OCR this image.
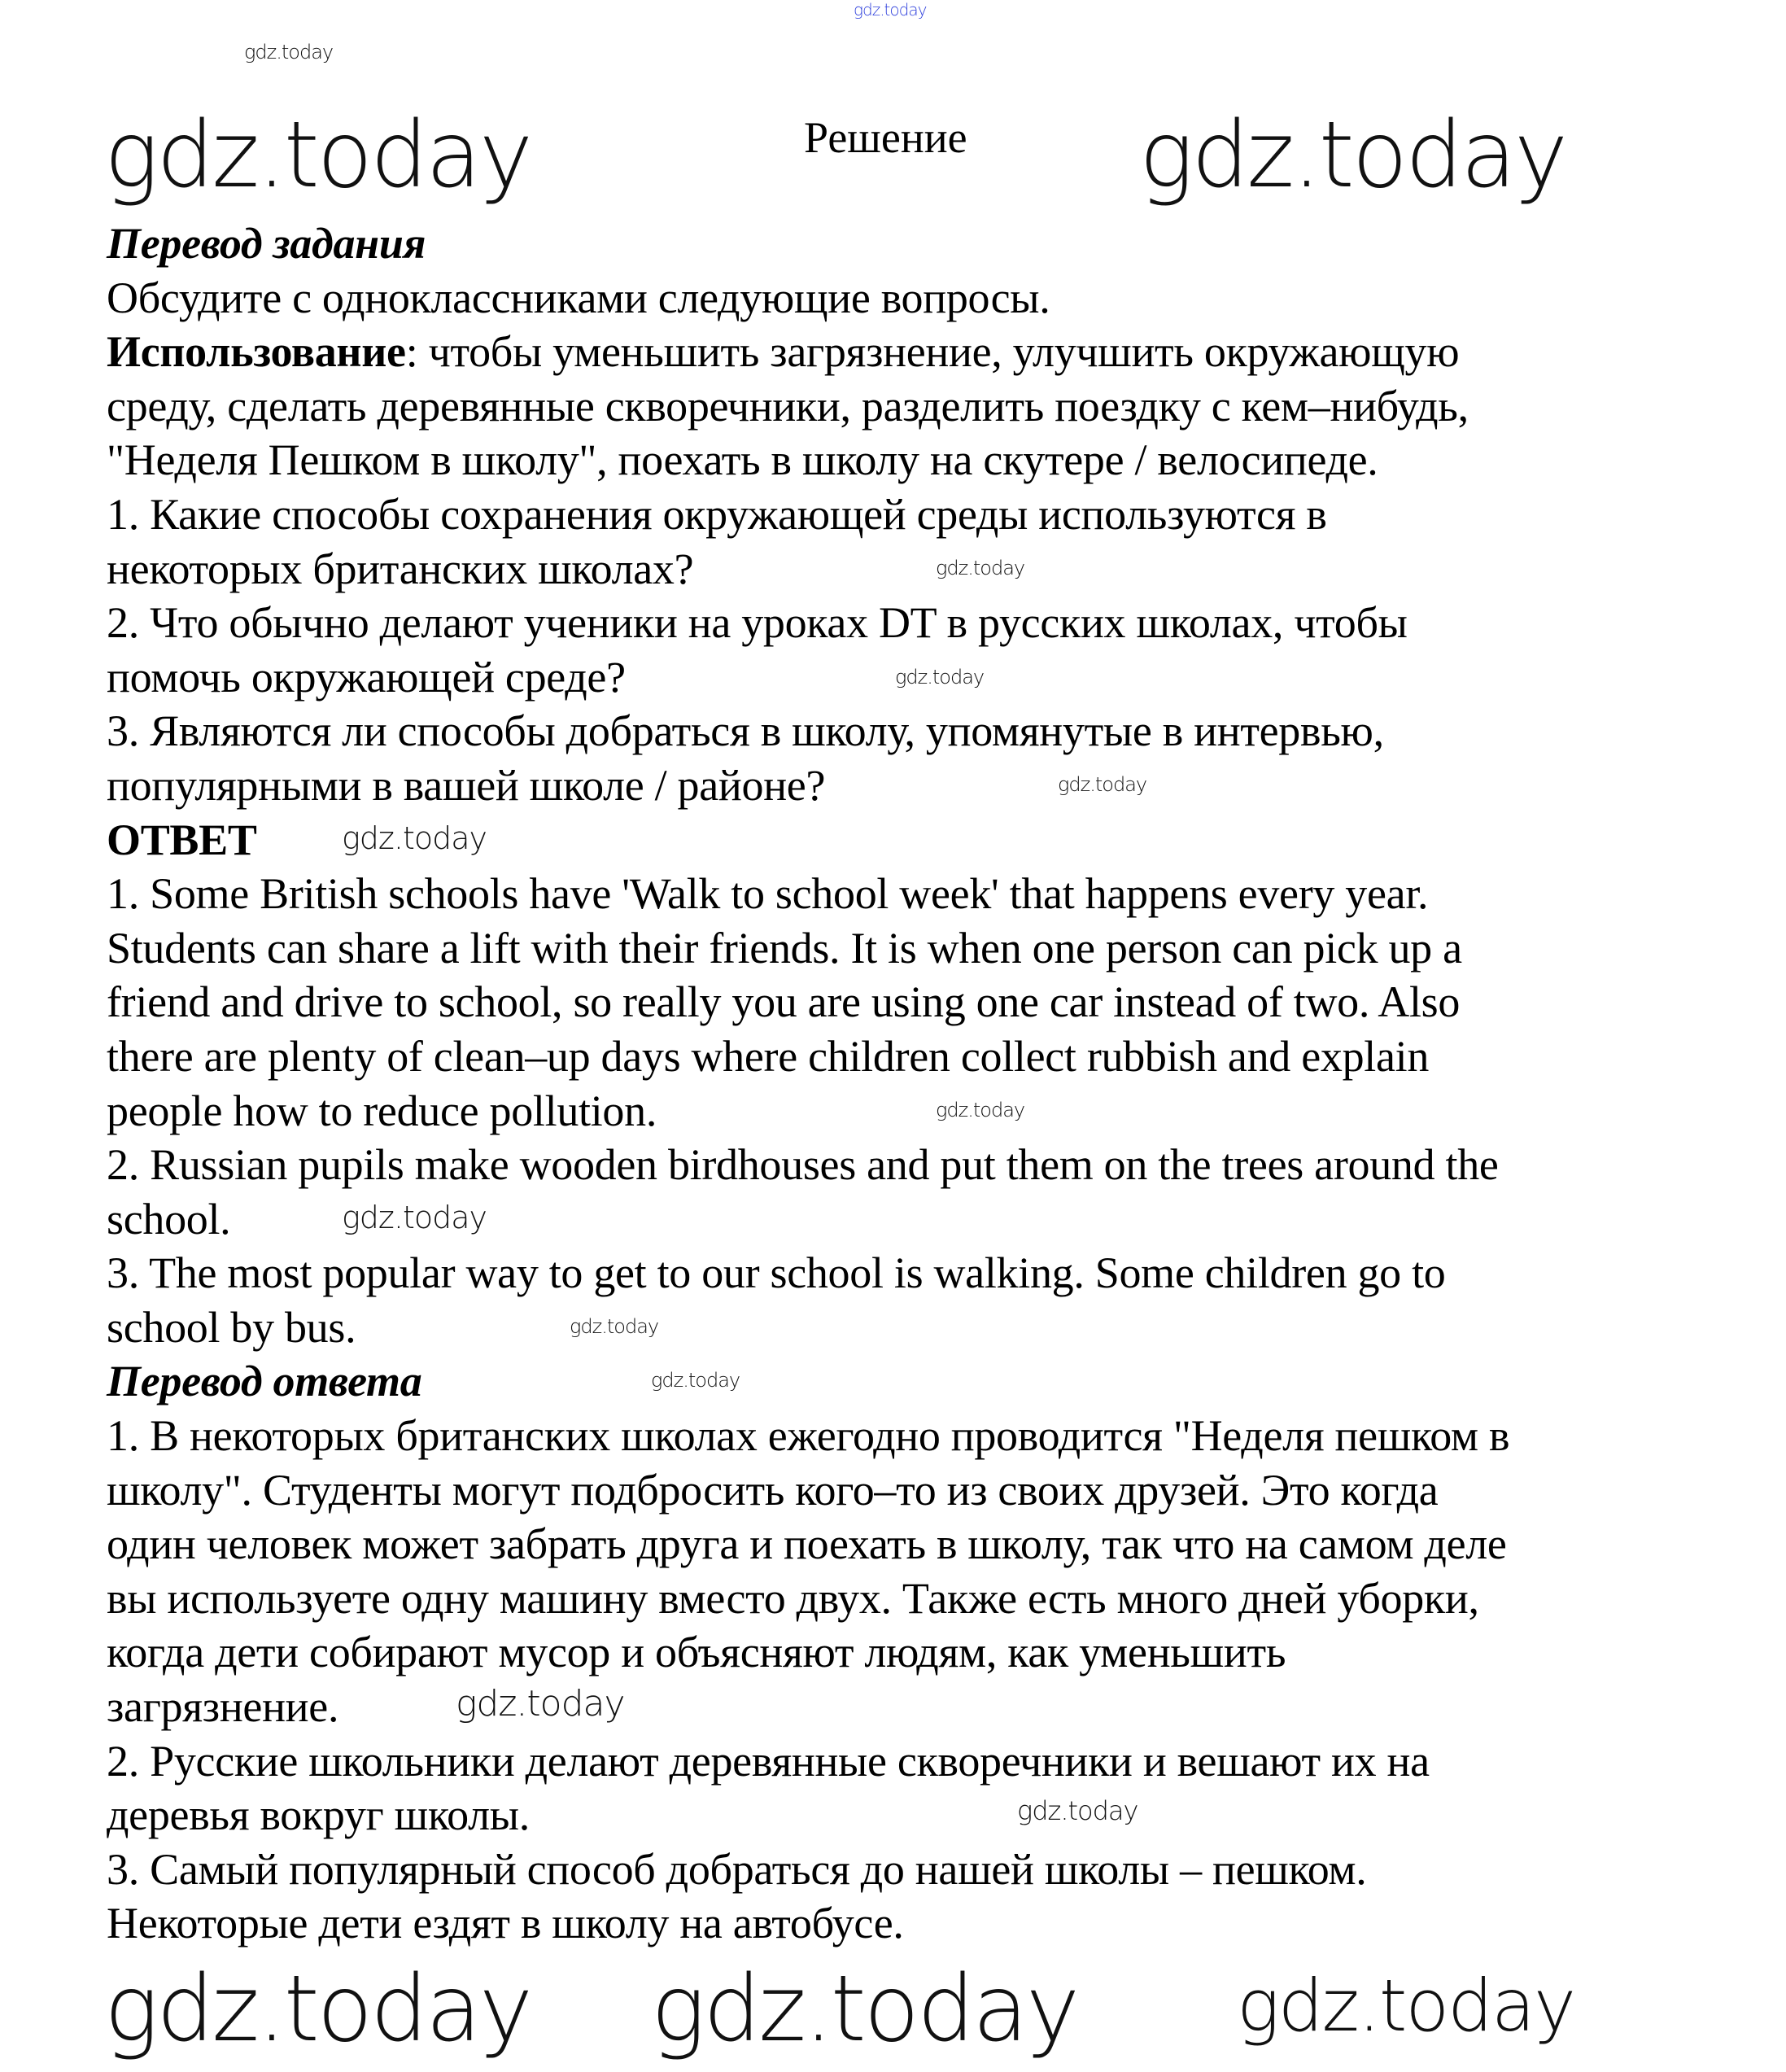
gdz.today
Решение
Перевод задания
Обсудите с одноклассниками следующие вопросы.
Использование: чтобы уменьшить загрязнение, улучшить окружающую
среду, сделать деревянные скворечники, разделить поездку с кем–нибудь,
"Неделя Пешком в школу", поехать в школу на скутере / велосипеде.
1. Какие способы сохранения окружающей среды используются в
некоторых британских школах?
2. Что обычно делают ученики на уроках DT в русских школах, чтобы
помочь окружающей среде?
3. Являются ли способы добраться в школу, упомянутые в интервью,
популярными в вашей школе / районе?
ОТВЕТ
1. Some British schools have 'Walk to school week' that happens every year.
Students can share a lift with their friends. It is when one person can pick up a
friend and drive to school, so really you are using one car instead of two. Also
there are plenty of clean–up days where children collect rubbish and explain
people how to reduce pollution.
2. Russian pupils make wooden birdhouses and put them on the trees around the
school.
3. The most popular way to get to our school is walking. Some children go to
school by bus.
Перевод ответа
1. В некоторых британских школах ежегодно проводится "Неделя пешком в
школу". Студенты могут подбросить кого–то из своих друзей. Это когда
один человек может забрать друга и поехать в школу, так что на самом деле
вы используете одну машину вместо двух. Также есть много дней уборки,
когда дети собирают мусор и объясняют людям, как уменьшить
загрязнение.
2. Русские школьники делают деревянные скворечники и вешают их на
деревья вокруг школы.
3. Самый популярный способ добраться до нашей школы – пешком.
Некоторые дети ездят в школу на автобусе.
gdz.today	gdz.today
gdz.today gdz.today gdz.today
gdz.today
gdz.today
gdz.today
gdz.today
gdz.today
gdz.today
gdz.today
gdz.today
gdz.today
gdz.today
gdz.today
